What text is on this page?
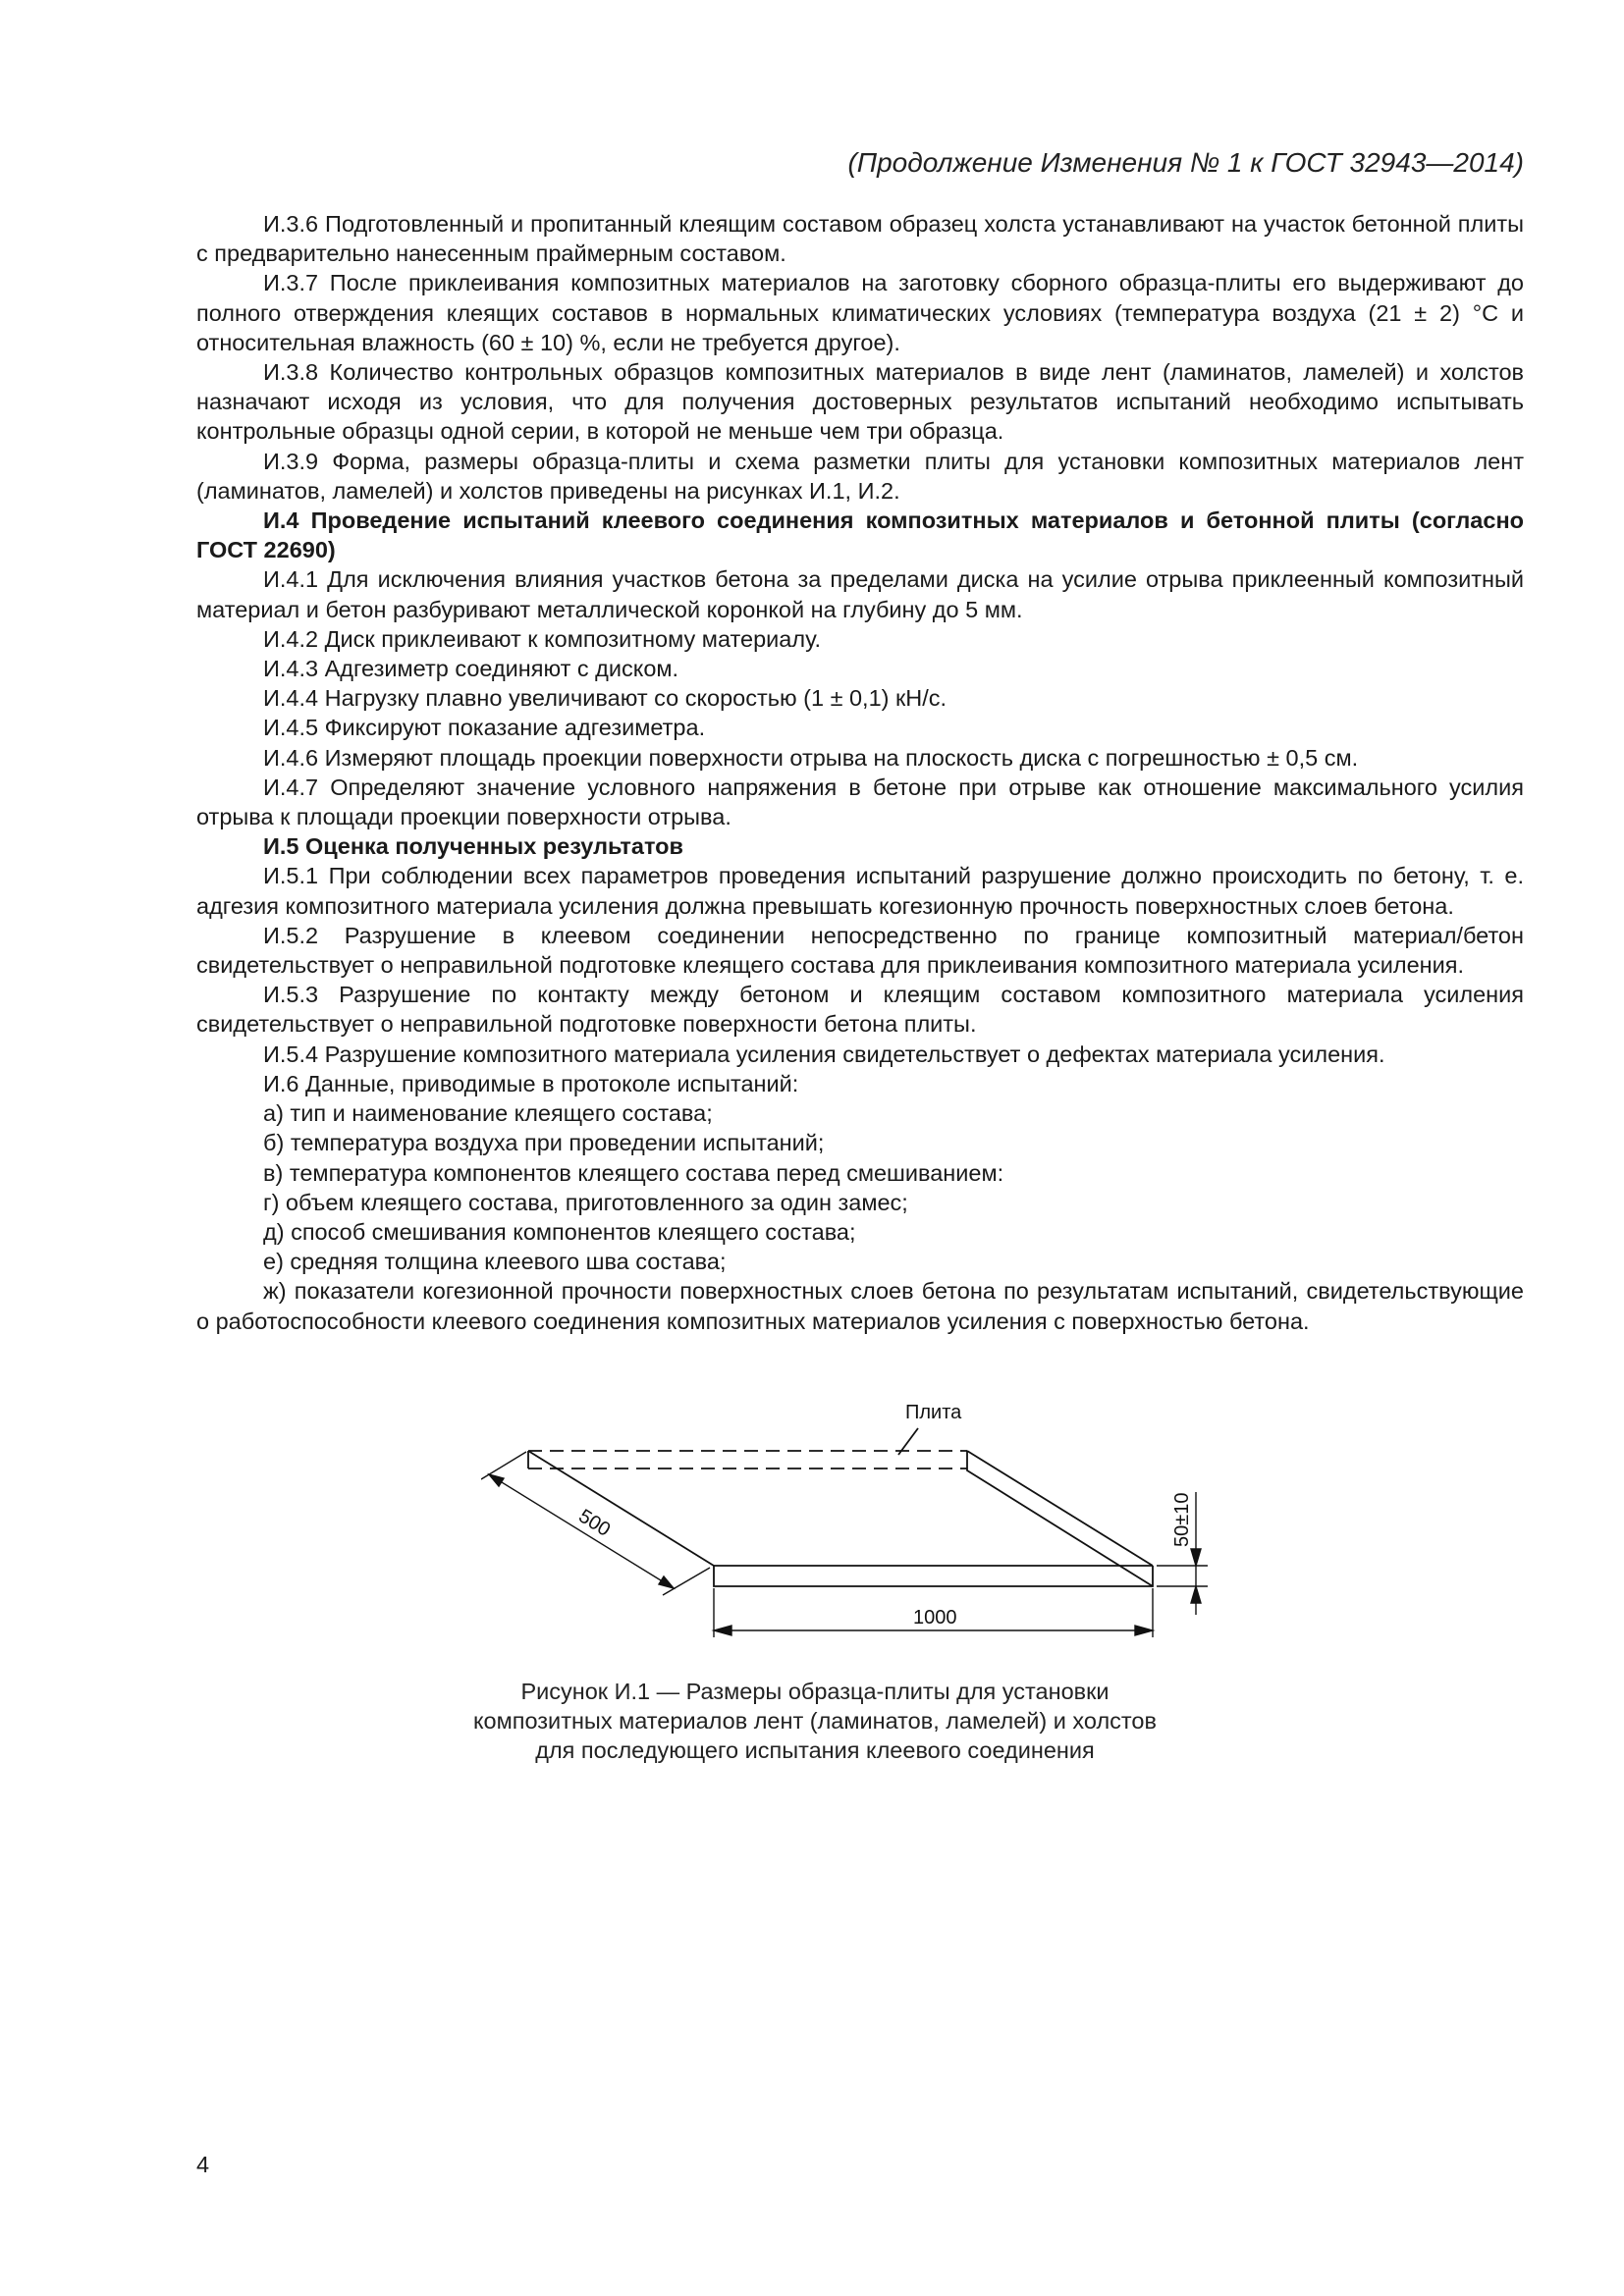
(Продолжение Изменения № 1 к ГОСТ 32943—2014)

И.3.6 Подготовленный и пропитанный клеящим составом образец холста устанавливают на участок бетонной плиты с предварительно нанесенным праймерным составом.

И.3.7 После приклеивания композитных материалов на заготовку сборного образца-плиты его выдерживают до полного отверждения клеящих составов в нормальных климатических условиях (температура воздуха (21 ± 2) °С и относительная влажность (60 ± 10) %, если не требуется другое).

И.3.8 Количество контрольных образцов композитных материалов в виде лент (ламинатов, ламелей) и холстов назначают исходя из условия, что для получения достоверных результатов испытаний необходимо испытывать контрольные образцы одной серии, в которой не меньше чем три образца.

И.3.9 Форма, размеры образца-плиты и схема разметки плиты для установки композитных материалов лент (ламинатов, ламелей) и холстов приведены на рисунках И.1, И.2.

И.4 Проведение испытаний клеевого соединения композитных материалов и бетонной плиты (согласно ГОСТ 22690)

И.4.1 Для исключения влияния участков бетона за пределами диска на усилие отрыва приклеенный композитный материал и бетон разбуривают металлической коронкой на глубину до 5 мм.

И.4.2 Диск приклеивают к композитному материалу.

И.4.3 Адгезиметр соединяют с диском.

И.4.4 Нагрузку плавно увеличивают со скоростью (1 ± 0,1) кН/с.

И.4.5 Фиксируют показание адгезиметра.

И.4.6 Измеряют площадь проекции поверхности отрыва на плоскость диска с погрешностью ± 0,5 см.

И.4.7 Определяют значение условного напряжения в бетоне при отрыве как отношение максимального усилия отрыва к площади проекции поверхности отрыва.

И.5 Оценка полученных результатов

И.5.1 При соблюдении всех параметров проведения испытаний разрушение должно происходить по бетону, т. е. адгезия композитного материала усиления должна превышать когезионную прочность поверхностных слоев бетона.

И.5.2 Разрушение в клеевом соединении непосредственно по границе композитный материал/бетон свидетельствует о неправильной подготовке клеящего состава для приклеивания композитного материала усиления.

И.5.3 Разрушение по контакту между бетоном и клеящим составом композитного материала усиления свидетельствует о неправильной подготовке поверхности бетона плиты.

И.5.4 Разрушение композитного материала усиления свидетельствует о дефектах материала усиления.

И.6 Данные, приводимые в протоколе испытаний:

а) тип и наименование клеящего состава;

б) температура воздуха при проведении испытаний;

в) температура компонентов клеящего состава перед смешиванием:

г) объем клеящего состава, приготовленного за один замес;

д) способ смешивания компонентов клеящего состава;

е) средняя толщина клеевого шва состава;

ж) показатели когезионной прочности поверхностных слоев бетона по результатам испытаний, свидетельствующие о работоспособности клеевого соединения композитных материалов усиления с поверхностью бетона.

Плита
1000
500	50±10
Рисунок И.1 — Размеры образца-плиты для установки
композитных материалов лент (ламинатов, ламелей) и холстов
для последующего испытания клеевого соединения
4
